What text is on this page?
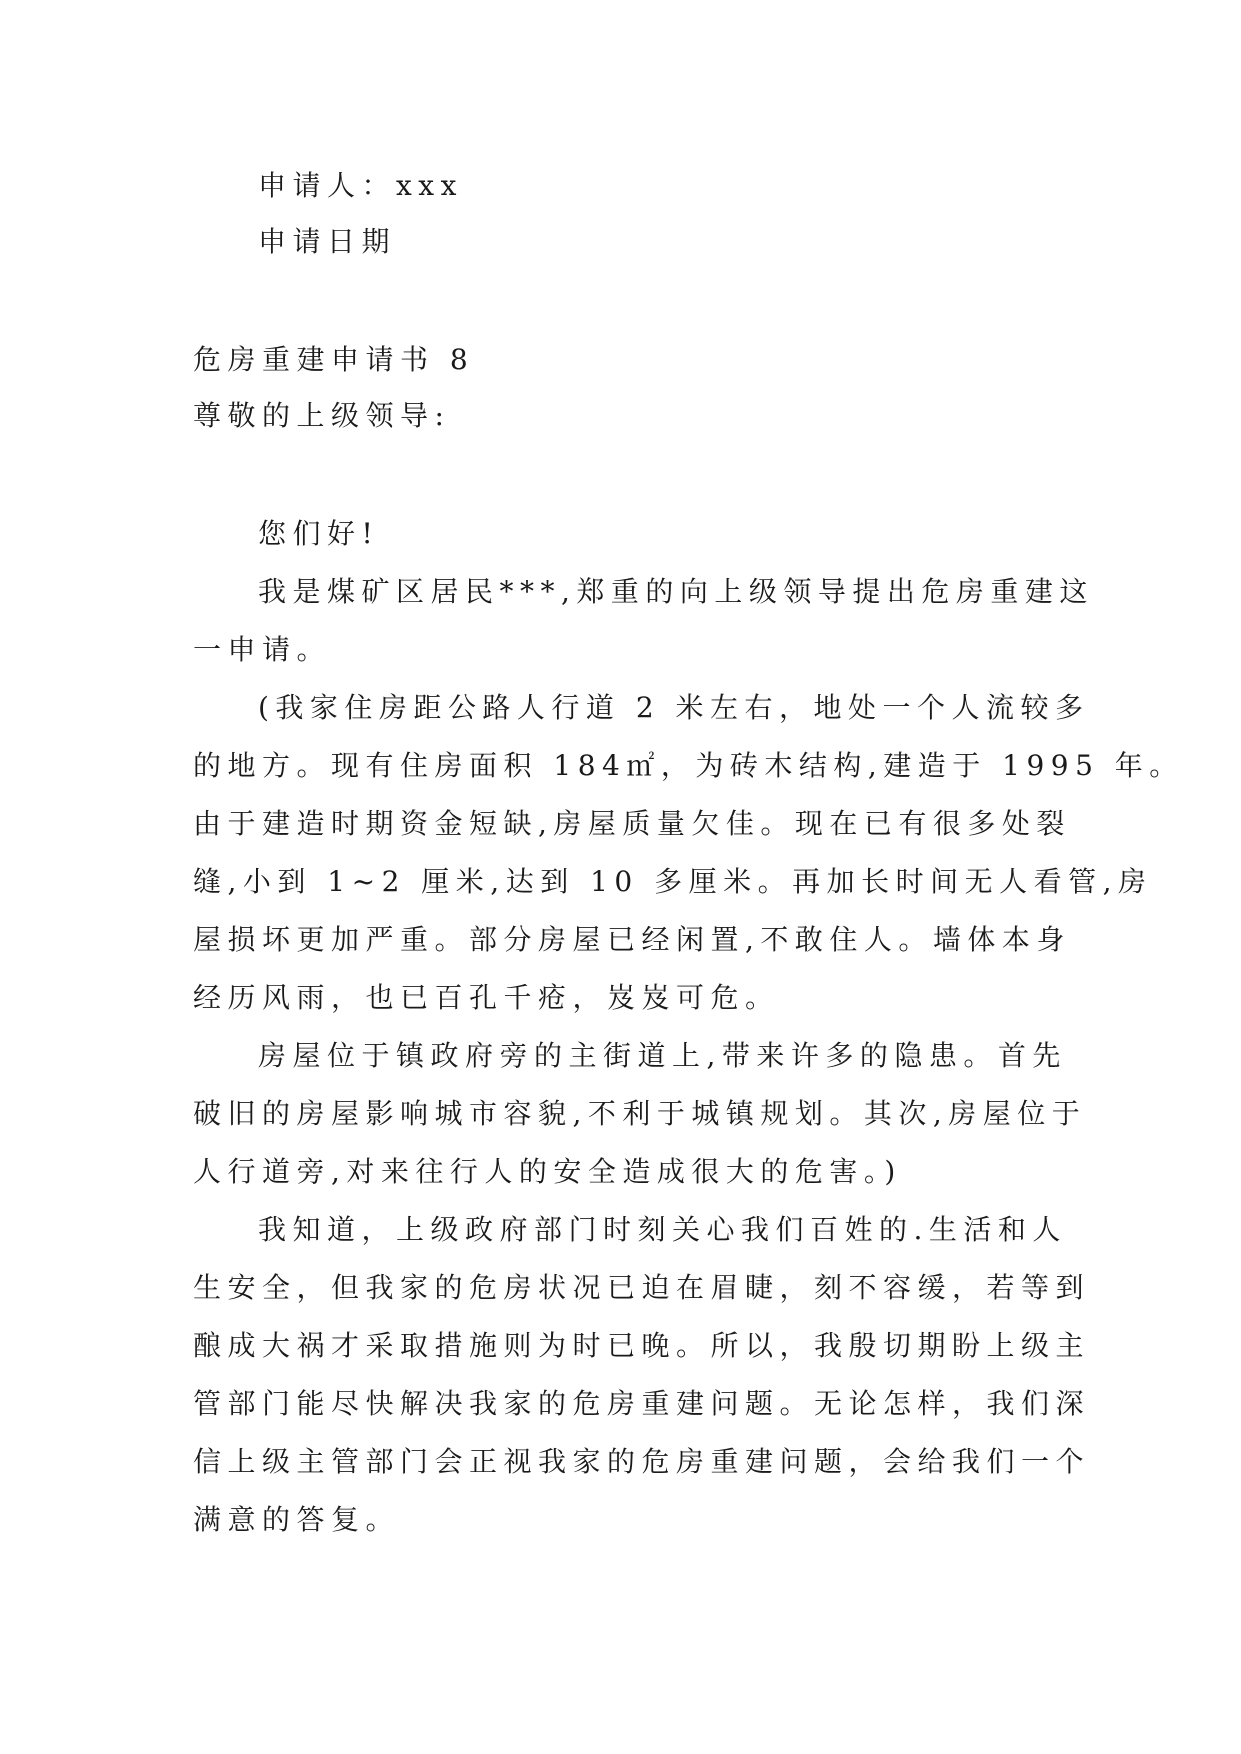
申请人：xxx
申请日期
危房重建申请书 8
尊敬的上级领导:
您们好!
我是煤矿区居民***,郑重的向上级领导提出危房重建这
一申请。
(我家住房距公路人行道 2 米左右，地处一个人流较多
的地方。现有住房面积 184㎡，为砖木结构,建造于 1995 年。
由于建造时期资金短缺,房屋质量欠佳。现在已有很多处裂
缝,小到 1~2 厘米,达到 10 多厘米。再加长时间无人看管,房
屋损坏更加严重。部分房屋已经闲置,不敢住人。墙体本身
经历风雨，也已百孔千疮，岌岌可危。
房屋位于镇政府旁的主街道上,带来许多的隐患。首先
破旧的房屋影响城市容貌,不利于城镇规划。其次,房屋位于
人行道旁,对来往行人的安全造成很大的危害。)
我知道，上级政府部门时刻关心我们百姓的.生活和人
生安全，但我家的危房状况已迫在眉睫，刻不容缓，若等到
酿成大祸才采取措施则为时已晚。所以，我殷切期盼上级主
管部门能尽快解决我家的危房重建问题。无论怎样，我们深
信上级主管部门会正视我家的危房重建问题，会给我们一个
满意的答复。
